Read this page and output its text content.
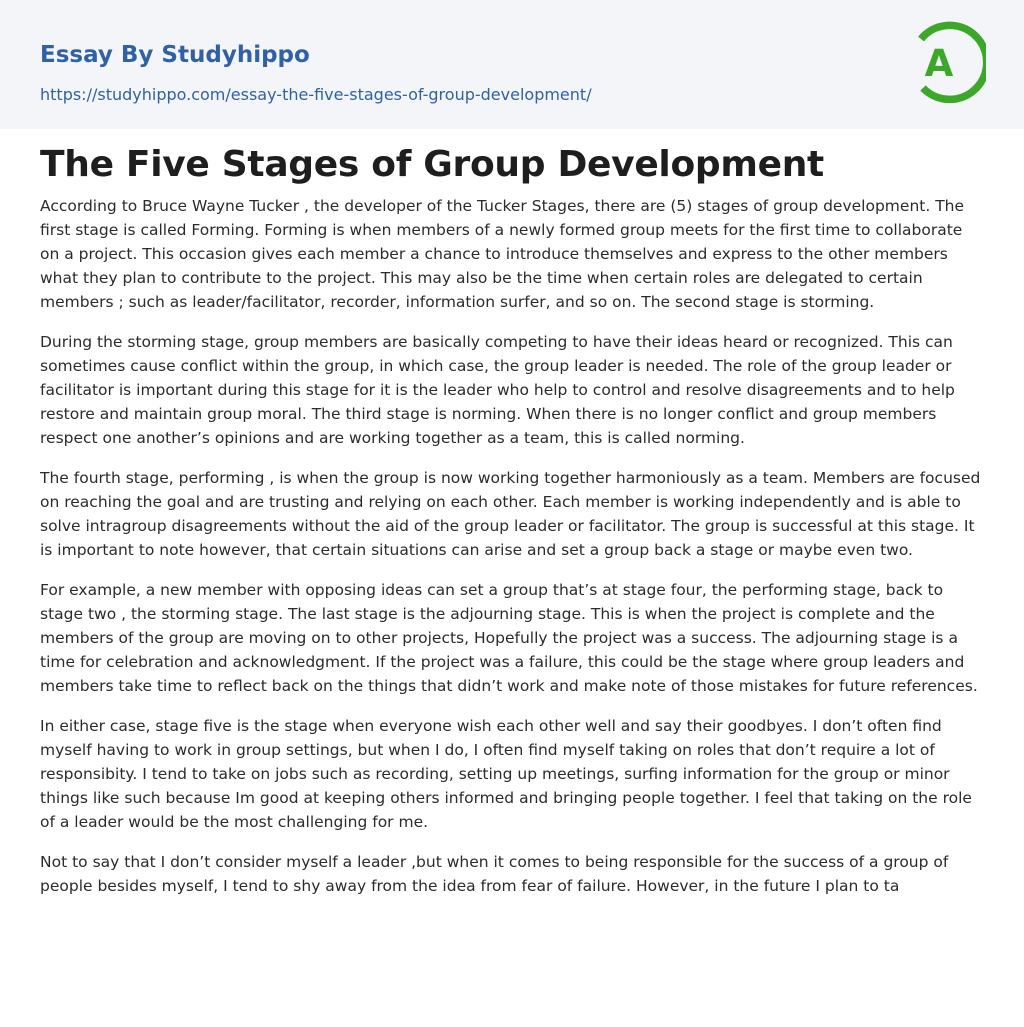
Essay By Studyhippo
https://studyhippo.com/essay-the-five-stages-of-group-development/
A
The Five Stages of Group Development

According to Bruce Wayne Tucker , the developer of the Tucker Stages, there are (5) stages of group development. The first stage is called Forming. Forming is when members of a newly formed group meets for the first time to collaborate on a project. This occasion gives each member a chance to introduce themselves and express to the other members what they plan to contribute to the project. This may also be the time when certain roles are delegated to certain members ; such as leader/facilitator, recorder, information surfer, and so on. The second stage is storming.

During the storming stage, group members are basically competing to have their ideas heard or recognized. This can sometimes cause conflict within the group, in which case, the group leader is needed. The role of the group leader or facilitator is important during this stage for it is the leader who help to control and resolve disagreements and to help restore and maintain group moral. The third stage is norming. When there is no longer conflict and group members respect one another’s opinions and are working together as a team, this is called norming.

The fourth stage, performing , is when the group is now working together harmoniously as a team. Members are focused on reaching the goal and are trusting and relying on each other. Each member is working independently and is able to solve intragroup disagreements without the aid of the group leader or facilitator. The group is successful at this stage. It is important to note however, that certain situations can arise and set a group back a stage or maybe even two.

For example, a new member with opposing ideas can set a group that’s at stage four, the performing stage, back to stage two , the storming stage. The last stage is the adjourning stage. This is when the project is complete and the members of the group are moving on to other projects, Hopefully the project was a success. The adjourning stage is a time for celebration and acknowledgment. If the project was a failure, this could be the stage where group leaders and members take time to reflect back on the things that didn’t work and make note of those mistakes for future references.

In either case, stage five is the stage when everyone wish each other well and say their goodbyes. I don’t often find myself having to work in group settings, but when I do, I often find myself taking on roles that don’t require a lot of responsibity. I tend to take on jobs such as recording, setting up meetings, surfing information for the group or minor things like such because Im good at keeping others informed and bringing people together. I feel that taking on the role of a leader would be the most challenging for me.

Not to say that I don’t consider myself a leader ,but when it comes to being responsible for the success of a group of people besides myself, I tend to shy away from the idea from fear of failure. However, in the future I plan to ta
